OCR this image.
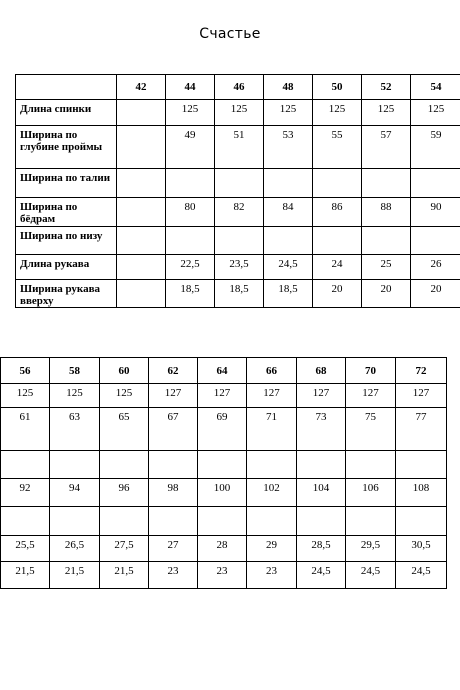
Счастье
	42	44	46	48	50	52	54
Длина спинки		125	125	125	125	125	125
Ширина по глубине проймы		49	51	53	55	57	59
Ширина по талии							
Ширина по бёдрам		80	82	84	86	88	90
Ширина по низу							
Длина рукава		22,5	23,5	24,5	24	25	26
Ширина рукава вверху		18,5	18,5	18,5	20	20	20
56	58	60	62	64	66	68	70	72
125	125	125	127	127	127	127	127	127
61	63	65	67	69	71	73	75	77

92	94	96	98	100	102	104	106	108

25,5	26,5	27,5	27	28	29	28,5	29,5	30,5
21,5	21,5	21,5	23	23	23	24,5	24,5	24,5
